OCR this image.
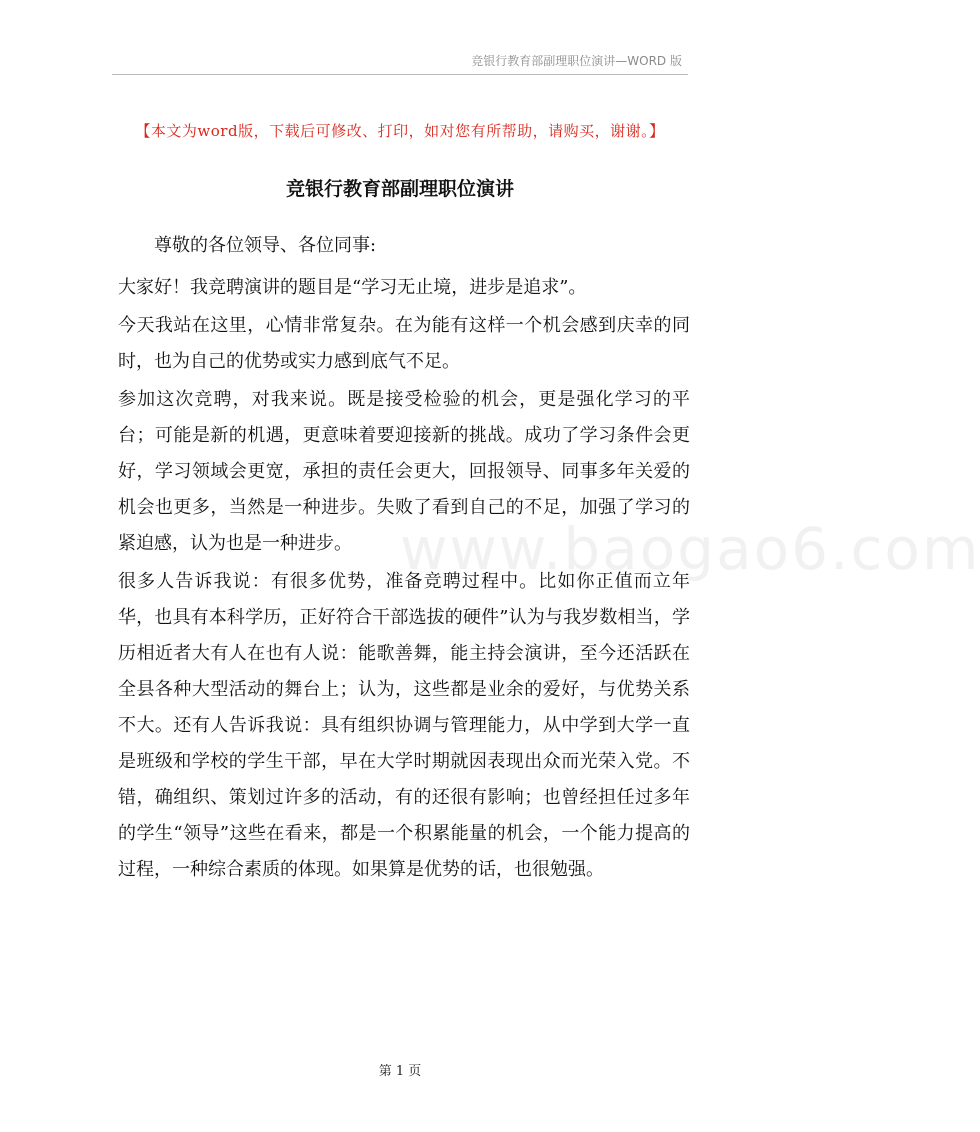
竞银行教育部副理职位演讲—WORD 版
【本文为word版，下载后可修改、打印，如对您有所帮助，请购买，谢谢。】
竞银行教育部副理职位演讲
www.baogao6.com

尊敬的各位领导、各位同事:

大家好！我竞聘演讲的题目是“学习无止境，进步是追求”。

今天我站在这里，心情非常复杂。在为能有这样一个机会感到庆幸的同时，也为自己的优势或实力感到底气不足。

参加这次竞聘，对我来说。既是接受检验的机会，更是强化学习的平台；可能是新的机遇，更意味着要迎接新的挑战。成功了学习条件会更好，学习领域会更宽，承担的责任会更大，回报领导、同事多年关爱的机会也更多，当然是一种进步。失败了看到自己的不足，加强了学习的紧迫感，认为也是一种进步。

很多人告诉我说：有很多优势，准备竞聘过程中。比如你正值而立年华，也具有本科学历，正好符合干部选拔的硬件”认为与我岁数相当，学历相近者大有人在也有人说：能歌善舞，能主持会演讲，至今还活跃在全县各种大型活动的舞台上；认为，这些都是业余的爱好，与优势关系不大。还有人告诉我说：具有组织协调与管理能力，从中学到大学一直是班级和学校的学生干部，早在大学时期就因表现出众而光荣入党。不错，确组织、策划过许多的活动，有的还很有影响；也曾经担任过多年的学生“领导”这些在看来，都是一个积累能量的机会，一个能力提高的过程，一种综合素质的体现。如果算是优势的话，也很勉强。

第 1 页
